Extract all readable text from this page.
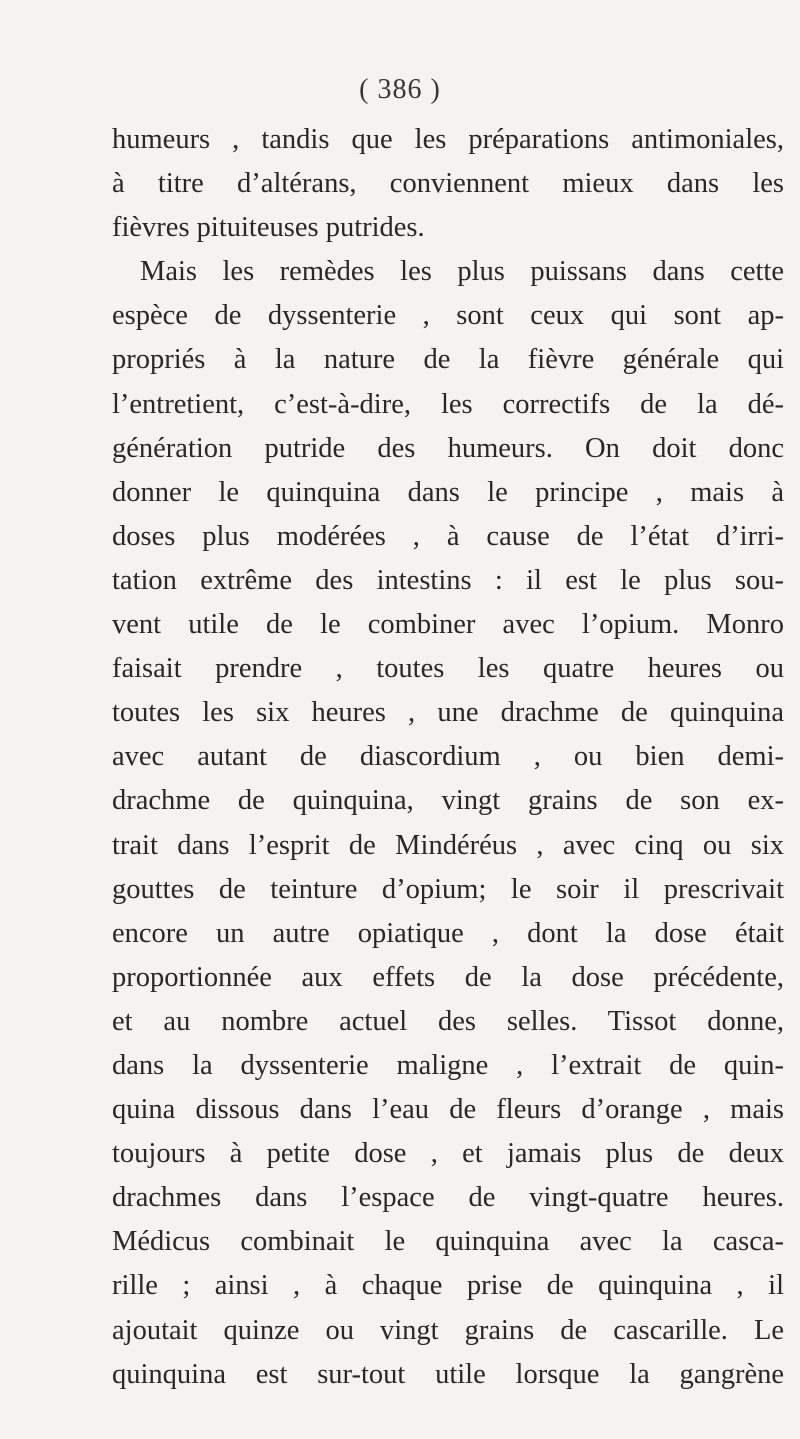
( 386 )
humeurs , tandis que les préparations antimoniales,
à titre d’altérans, conviennent mieux dans les
fièvres pituiteuses putrides.
Mais les remèdes les plus puissans dans cette
espèce de dyssenterie , sont ceux qui sont ap-
propriés à la nature de la fièvre générale qui
l’entretient, c’est-à-dire, les correctifs de la dé-
génération putride des humeurs. On doit donc
donner le quinquina dans le principe , mais à
doses plus modérées , à cause de l’état d’irri-
tation extrême des intestins : il est le plus sou-
vent utile de le combiner avec l’opium. Monro
faisait prendre , toutes les quatre heures ou
toutes les six heures , une drachme de quinquina
avec autant de diascordium , ou bien demi-
drachme de quinquina, vingt grains de son ex-
trait dans l’esprit de Mindéréus , avec cinq ou six
gouttes de teinture d’opium; le soir il prescrivait
encore un autre opiatique , dont la dose était
proportionnée aux effets de la dose précédente,
et au nombre actuel des selles. Tissot donne,
dans la dyssenterie maligne , l’extrait de quin-
quina dissous dans l’eau de fleurs d’orange , mais
toujours à petite dose , et jamais plus de deux
drachmes dans l’espace de vingt-quatre heures.
Médicus combinait le quinquina avec la casca-
rille ; ainsi , à chaque prise de quinquina , il
ajoutait quinze ou vingt grains de cascarille. Le
quinquina est sur-tout utile lorsque la gangrène
